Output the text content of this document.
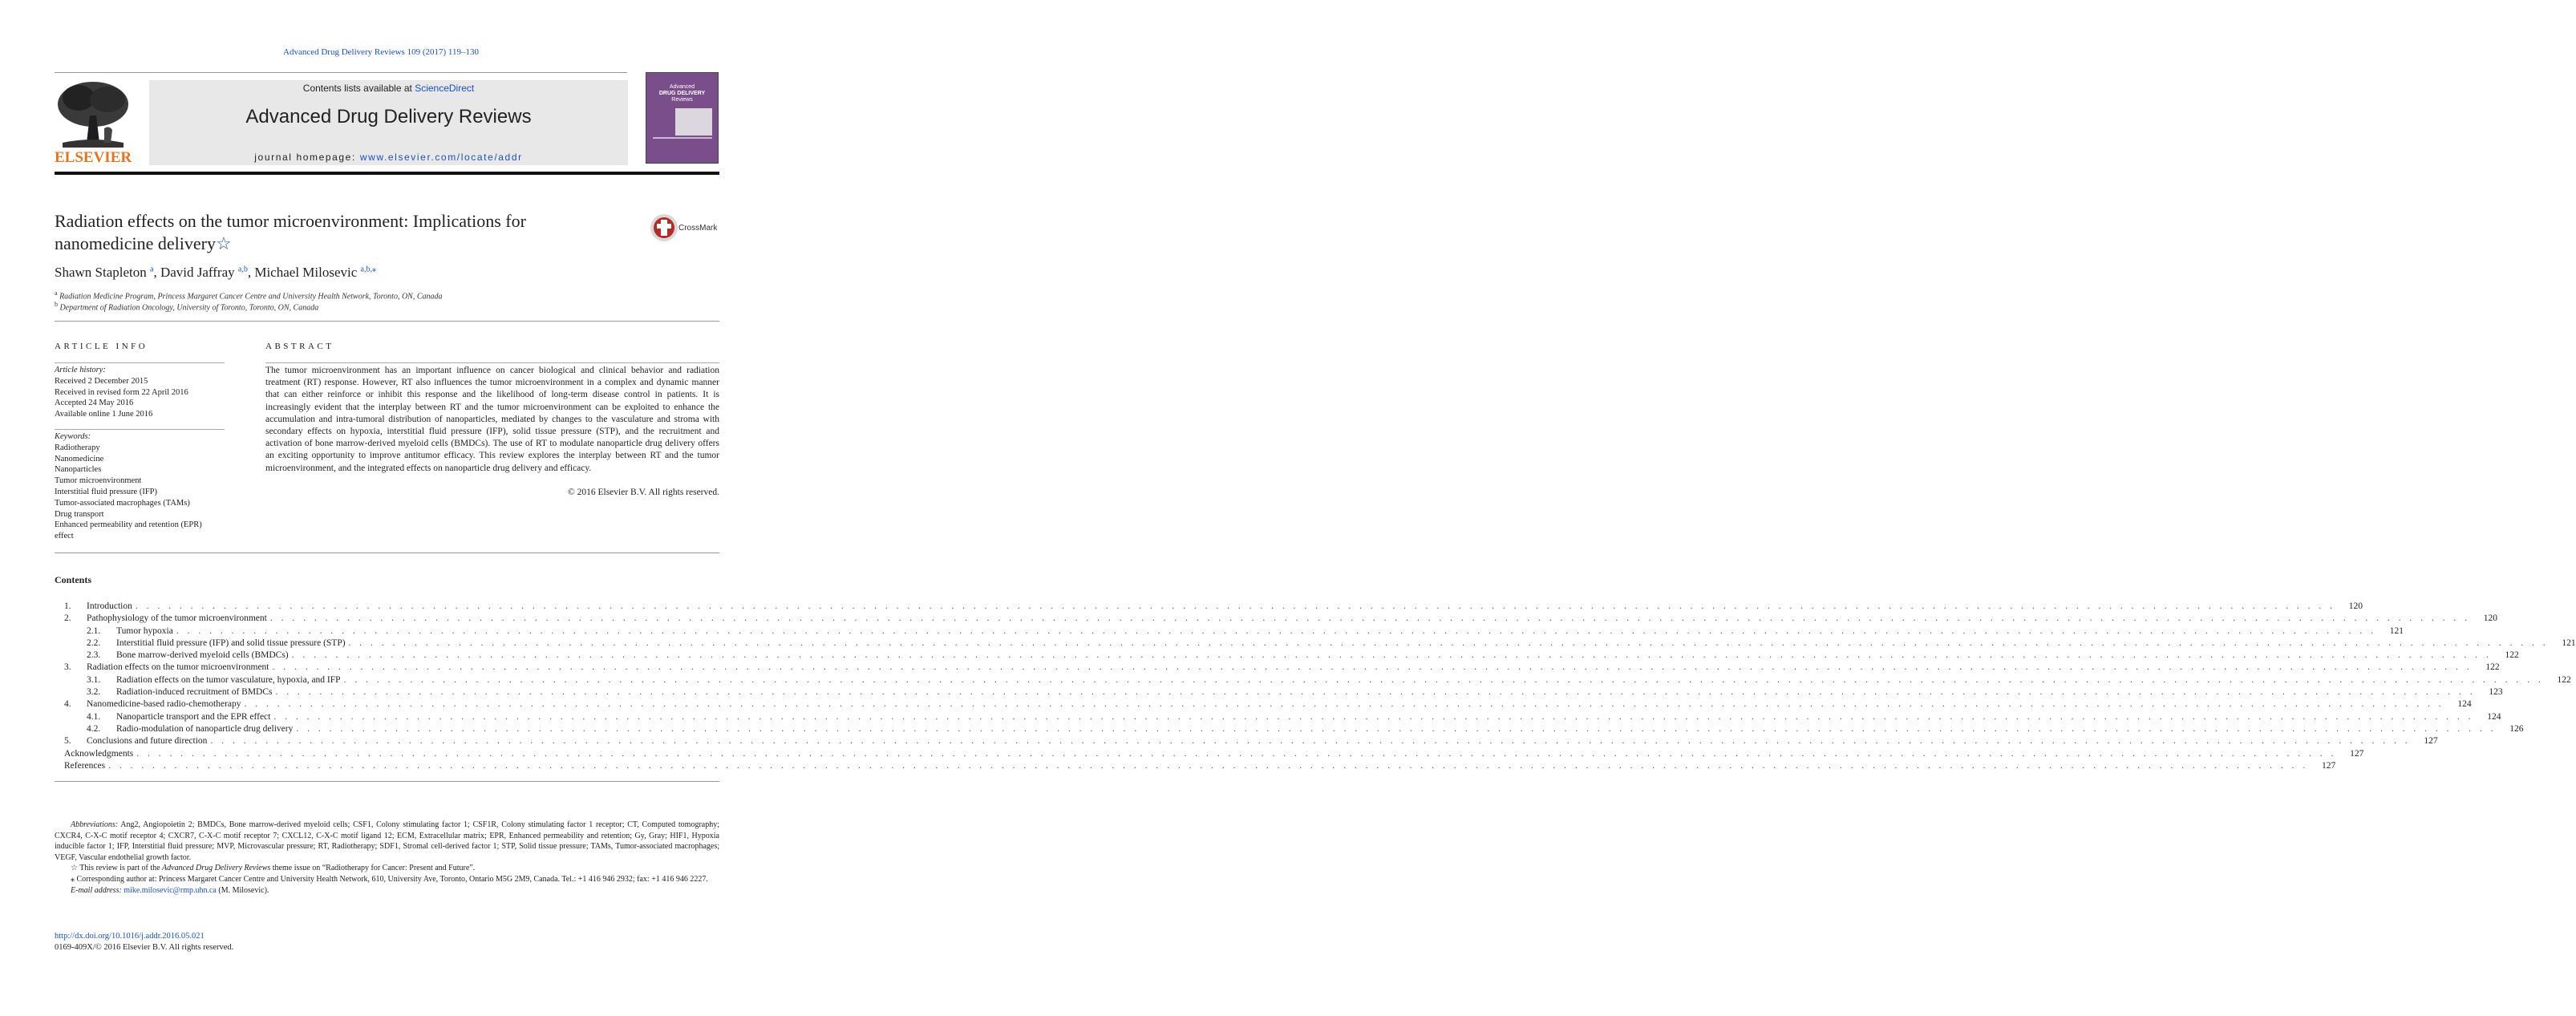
Advanced Drug Delivery Reviews 109 (2017) 119–130
ELSEVIER
Contents lists available at ScienceDirect
Advanced Drug Delivery Reviews
journal homepage: www.elsevier.com/locate/addr
Advanced
DRUG DELIVERY
Reviews
Radiation effects on the tumor microenvironment: Implications for
nanomedicine delivery☆
CrossMark
Shawn Stapleton $^a$, David Jaffray $^{a,b}$, Michael Milosevic $^{a,b,⁎}$
$^a$ Radiation Medicine Program, Princess Margaret Cancer Centre and University Health Network, Toronto, ON, Canada
$^b$ Department of Radiation Oncology, University of Toronto, Toronto, ON, Canada
ARTICLE INFO	ABSTRACT
Article history:
Received 2 December 2015
Received in revised form 22 April 2016
Accepted 24 May 2016
Available online 1 June 2016
Keywords:
Radiotherapy
Nanomedicine
Nanoparticles
Tumor microenvironment
Interstitial fluid pressure (IFP)
Tumor-associated macrophages (TAMs)
Drug transport
Enhanced permeability and retention (EPR)
effect
The tumor microenvironment has an important influence on cancer biological and clinical behavior and radiation treatment (RT) response. However, RT also influences the tumor microenvironment in a complex and dynamic manner that can either reinforce or inhibit this response and the likelihood of long-term disease control in patients. It is increasingly evident that the interplay between RT and the tumor microenvironment can be exploited to enhance the accumulation and intra-tumoral distribution of nanoparticles, mediated by changes to the vasculature and stroma with secondary effects on hypoxia, interstitial fluid pressure (IFP), solid tissue pressure (STP), and the recruitment and activation of bone marrow-derived myeloid cells (BMDCs). The use of RT to modulate nanoparticle drug delivery offers an exciting opportunity to improve antitumor efficacy. This review explores the interplay between RT and the tumor microenvironment, and the integrated effects on nanoparticle drug delivery and efficacy.
© 2016 Elsevier B.V. All rights reserved.
Contents
1.	Introduction . . . . . . . . . . . . . . . . . . . . . . . . . . . . . . . . . . . . . . . . . . . . . . . . . . . . . . . . . . . . . . . . . . . . . . . . . . . . . . . . . . . . . . . . . . . . . . . . . . . . . . . . . . . . . . . . . . . . . . . . . . . . . . . . . . . . . . . . . . . . . . . . . . . . . . . . . . . . . . . . . . . . . . . . . . . . . . . . . . . . . . . . . . . . . . . . . . . . . . . .	120
2.	Pathophysiology of the tumor microenvironment . . . . . . . . . . . . . . . . . . . . . . . . . . . . . . . . . . . . . . . . . . . . . . . . . . . . . . . . . . . . . . . . . . . . . . . . . . . . . . . . . . . . . . . . . . . . . . . . . . . . . . . . . . . . . . . . . . . . . . . . . . . . . . . . . . . . . . . . . . . . . . . . . . . . . . . . . . . . . . . . . . . . . . . . . . . . . . . . . . . . . . . . . . . . . . . . . . . . . . . .	120
2.1.	Tumor hypoxia . . . . . . . . . . . . . . . . . . . . . . . . . . . . . . . . . . . . . . . . . . . . . . . . . . . . . . . . . . . . . . . . . . . . . . . . . . . . . . . . . . . . . . . . . . . . . . . . . . . . . . . . . . . . . . . . . . . . . . . . . . . . . . . . . . . . . . . . . . . . . . . . . . . . . . . . . . . . . . . . . . . . . . . . . . . . . . . . . . . . . . . . . . . . . . . . . . . . . . . .	121
2.2.	Interstitial fluid pressure (IFP) and solid tissue pressure (STP) . . . . . . . . . . . . . . . . . . . . . . . . . . . . . . . . . . . . . . . . . . . . . . . . . . . . . . . . . . . . . . . . . . . . . . . . . . . . . . . . . . . . . . . . . . . . . . . . . . . . . . . . . . . . . . . . . . . . . . . . . . . . . . . . . . . . . . . . . . . . . . . . . . . . . . . . . . . . . . . . . . . . . . . . . . . . . . . . . . . . . . . . . . . . . . . . . . . . . . . .	121
2.3.	Bone marrow-derived myeloid cells (BMDCs) . . . . . . . . . . . . . . . . . . . . . . . . . . . . . . . . . . . . . . . . . . . . . . . . . . . . . . . . . . . . . . . . . . . . . . . . . . . . . . . . . . . . . . . . . . . . . . . . . . . . . . . . . . . . . . . . . . . . . . . . . . . . . . . . . . . . . . . . . . . . . . . . . . . . . . . . . . . . . . . . . . . . . . . . . . . . . . . . . . . . . . . . . . . . . . . . . . . . . . . .	122
3.	Radiation effects on the tumor microenvironment . . . . . . . . . . . . . . . . . . . . . . . . . . . . . . . . . . . . . . . . . . . . . . . . . . . . . . . . . . . . . . . . . . . . . . . . . . . . . . . . . . . . . . . . . . . . . . . . . . . . . . . . . . . . . . . . . . . . . . . . . . . . . . . . . . . . . . . . . . . . . . . . . . . . . . . . . . . . . . . . . . . . . . . . . . . . . . . . . . . . . . . . . . . . . . . . . . . . . . . .	122
3.1.	Radiation effects on the tumor vasculature, hypoxia, and IFP . . . . . . . . . . . . . . . . . . . . . . . . . . . . . . . . . . . . . . . . . . . . . . . . . . . . . . . . . . . . . . . . . . . . . . . . . . . . . . . . . . . . . . . . . . . . . . . . . . . . . . . . . . . . . . . . . . . . . . . . . . . . . . . . . . . . . . . . . . . . . . . . . . . . . . . . . . . . . . . . . . . . . . . . . . . . . . . . . . . . . . . . . . . . . . . . . . . . . . . .	122
3.2.	Radiation-induced recruitment of BMDCs . . . . . . . . . . . . . . . . . . . . . . . . . . . . . . . . . . . . . . . . . . . . . . . . . . . . . . . . . . . . . . . . . . . . . . . . . . . . . . . . . . . . . . . . . . . . . . . . . . . . . . . . . . . . . . . . . . . . . . . . . . . . . . . . . . . . . . . . . . . . . . . . . . . . . . . . . . . . . . . . . . . . . . . . . . . . . . . . . . . . . . . . . . . . . . . . . . . . . . . .	123
4.	Nanomedicine-based radio-chemotherapy . . . . . . . . . . . . . . . . . . . . . . . . . . . . . . . . . . . . . . . . . . . . . . . . . . . . . . . . . . . . . . . . . . . . . . . . . . . . . . . . . . . . . . . . . . . . . . . . . . . . . . . . . . . . . . . . . . . . . . . . . . . . . . . . . . . . . . . . . . . . . . . . . . . . . . . . . . . . . . . . . . . . . . . . . . . . . . . . . . . . . . . . . . . . . . . . . . . . . . . .	124
4.1.	Nanoparticle transport and the EPR effect . . . . . . . . . . . . . . . . . . . . . . . . . . . . . . . . . . . . . . . . . . . . . . . . . . . . . . . . . . . . . . . . . . . . . . . . . . . . . . . . . . . . . . . . . . . . . . . . . . . . . . . . . . . . . . . . . . . . . . . . . . . . . . . . . . . . . . . . . . . . . . . . . . . . . . . . . . . . . . . . . . . . . . . . . . . . . . . . . . . . . . . . . . . . . . . . . . . . . . . .	124
4.2.	Radio-modulation of nanoparticle drug delivery . . . . . . . . . . . . . . . . . . . . . . . . . . . . . . . . . . . . . . . . . . . . . . . . . . . . . . . . . . . . . . . . . . . . . . . . . . . . . . . . . . . . . . . . . . . . . . . . . . . . . . . . . . . . . . . . . . . . . . . . . . . . . . . . . . . . . . . . . . . . . . . . . . . . . . . . . . . . . . . . . . . . . . . . . . . . . . . . . . . . . . . . . . . . . . . . . . . . . . . .	126
5.	Conclusions and future direction . . . . . . . . . . . . . . . . . . . . . . . . . . . . . . . . . . . . . . . . . . . . . . . . . . . . . . . . . . . . . . . . . . . . . . . . . . . . . . . . . . . . . . . . . . . . . . . . . . . . . . . . . . . . . . . . . . . . . . . . . . . . . . . . . . . . . . . . . . . . . . . . . . . . . . . . . . . . . . . . . . . . . . . . . . . . . . . . . . . . . . . . . . . . . . . . . . . . . . . .	127
Acknowledgments . . . . . . . . . . . . . . . . . . . . . . . . . . . . . . . . . . . . . . . . . . . . . . . . . . . . . . . . . . . . . . . . . . . . . . . . . . . . . . . . . . . . . . . . . . . . . . . . . . . . . . . . . . . . . . . . . . . . . . . . . . . . . . . . . . . . . . . . . . . . . . . . . . . . . . . . . . . . . . . . . . . . . . . . . . . . . . . . . . . . . . . . . . . . . . . . . . . . . . . .	127
References . . . . . . . . . . . . . . . . . . . . . . . . . . . . . . . . . . . . . . . . . . . . . . . . . . . . . . . . . . . . . . . . . . . . . . . . . . . . . . . . . . . . . . . . . . . . . . . . . . . . . . . . . . . . . . . . . . . . . . . . . . . . . . . . . . . . . . . . . . . . . . . . . . . . . . . . . . . . . . . . . . . . . . . . . . . . . . . . . . . . . . . . . . . . . . . . . . . . . . . .	127

Abbreviations: Ang2, Angiopoietin 2; BMDCs, Bone marrow-derived myeloid cells; CSF1, Colony stimulating factor 1; CSF1R, Colony stimulating factor 1 receptor; CT, Computed tomography; CXCR4, C-X-C motif receptor 4; CXCR7, C-X-C motif receptor 7; CXCL12, C-X-C motif ligand 12; ECM, Extracellular matrix; EPR, Enhanced permeability and retention; Gy, Gray; HIF1, Hypoxia inducible factor 1; IFP, Interstitial fluid pressure; MVP, Microvascular pressure; RT, Radiotherapy; SDF1, Stromal cell-derived factor 1; STP, Solid tissue pressure; TAMs, Tumor-associated macrophages; VEGF, Vascular endothelial growth factor.

☆ This review is part of the Advanced Drug Delivery Reviews theme issue on “Radiotherapy for Cancer: Present and Future”.

⁎ Corresponding author at: Princess Margaret Cancer Centre and University Health Network, 610, University Ave, Toronto, Ontario M5G 2M9, Canada. Tel.: +1 416 946 2932; fax: +1 416 946 2227.

E-mail address: mike.milosevic@rmp.uhn.ca (M. Milosevic).

http://dx.doi.org/10.1016/j.addr.2016.05.021
0169-409X/© 2016 Elsevier B.V. All rights reserved.
